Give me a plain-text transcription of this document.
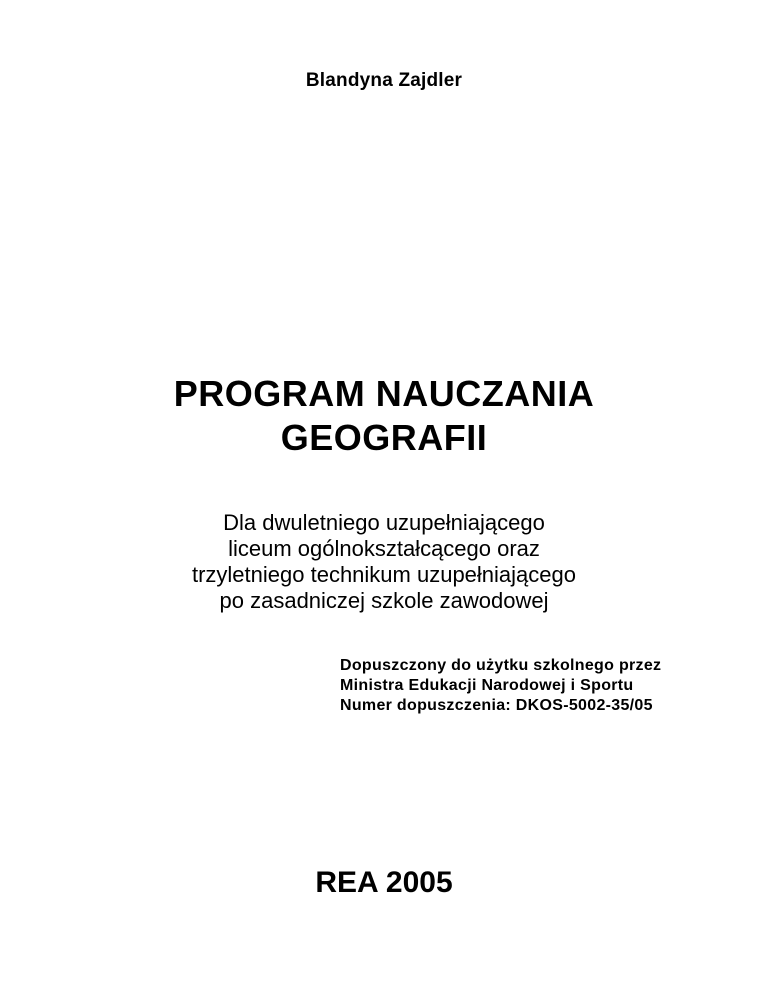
Blandyna Zajdler
PROGRAM NAUCZANIA
GEOGRAFII
Dla dwuletniego uzupełniającego
liceum ogólnokształcącego oraz
trzyletniego technikum uzupełniającego
po zasadniczej szkole zawodowej
Dopuszczony do użytku szkolnego przez
Ministra Edukacji Narodowej i Sportu
Numer dopuszczenia: DKOS-5002-35/05
REA 2005
